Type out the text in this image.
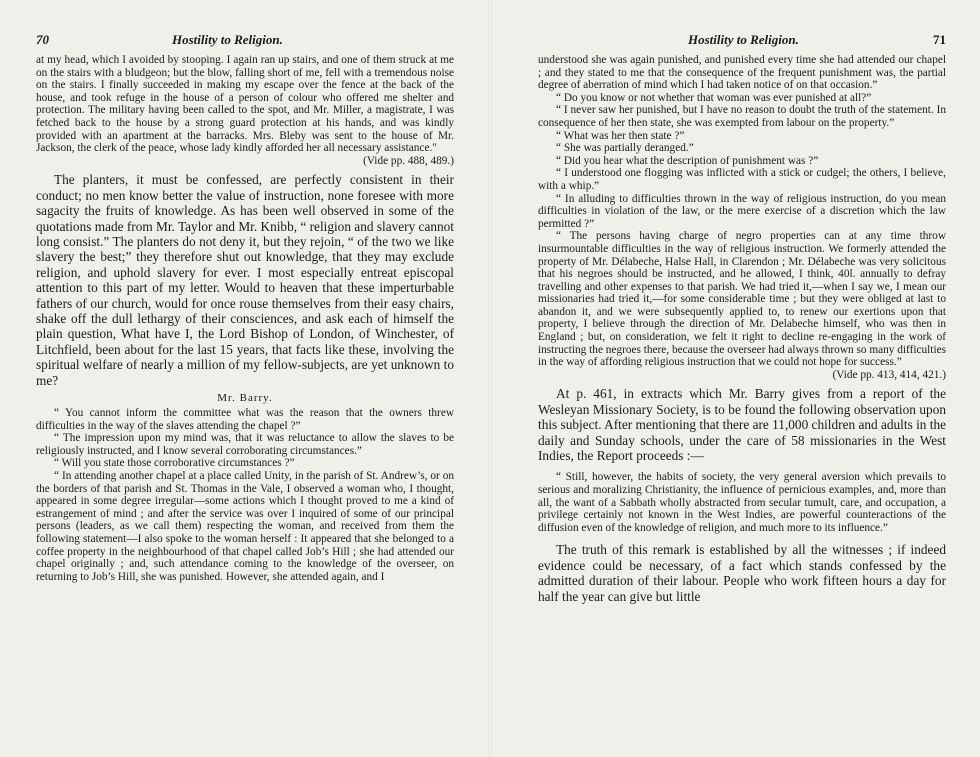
70	Hostility to Religion.

at my head, which I avoided by stooping. I again ran up stairs, and one of them struck at me on the stairs with a bludgeon; but the blow, falling short of me, fell with a tremendous noise on the stairs. I finally succeeded in making my escape over the fence at the back of the house, and took refuge in the house of a person of colour who offered me shelter and protection. The military having been called to the spot, and Mr. Miller, a magistrate, I was fetched back to the house by a strong guard protection at his hands, and was kindly provided with an apartment at the barracks. Mrs. Bleby was sent to the house of Mr. Jackson, the clerk of the peace, whose lady kindly afforded her all necessary assistance."

(Vide pp. 488, 489.)

The planters, it must be confessed, are perfectly consistent in their conduct; no men know better the value of instruction, none foresee with more sagacity the fruits of knowledge. As has been well observed in some of the quotations made from Mr. Taylor and Mr. Knibb, “ religion and slavery cannot long consist.” The planters do not deny it, but they rejoin, “ of the two we like slavery the best;” they therefore shut out knowledge, that they may exclude religion, and uphold slavery for ever. I most especially entreat episcopal attention to this part of my letter. Would to heaven that these imperturbable fathers of our church, would for once rouse themselves from their easy chairs, shake off the dull lethargy of their consciences, and ask each of himself the plain question, What have I, the Lord Bishop of London, of Winchester, of Litchfield, been about for the last 15 years, that facts like these, involving the spiritual welfare of nearly a million of my fellow-subjects, are yet unknown to me?

Mr. Barry.

“ You cannot inform the committee what was the reason that the owners threw difficulties in the way of the slaves attending the chapel ?”

“ The impression upon my mind was, that it was reluctance to allow the slaves to be religiously instructed, and I know several corroborating circumstances.”

“ Will you state those corroborative circumstances ?”

“ In attending another chapel at a place called Unity, in the parish of St. Andrew’s, or on the borders of that parish and St. Thomas in the Vale, I observed a woman who, I thought, appeared in some degree irregular—some actions which I thought proved to me a kind of estrangement of mind ; and after the service was over I inquired of some of our principal persons (leaders, as we call them) respecting the woman, and received from them the following statement—I also spoke to the woman herself : It appeared that she belonged to a coffee property in the neighbourhood of that chapel called Job’s Hill ; she had attended our chapel originally ; and, such attendance coming to the knowledge of the overseer, on returning to Job’s Hill, she was punished. However, she attended again, and I

Hostility to Religion.	71

understood she was again punished, and punished every time she had attended our chapel ; and they stated to me that the consequence of the frequent punishment was, the partial degree of aberration of mind which I had taken notice of on that occasion.”

“ Do you know or not whether that woman was ever punished at all?”

“ I never saw her punished, but I have no reason to doubt the truth of the statement. In consequence of her then state, she was exempted from labour on the property.”

“ What was her then state ?”

“ She was partially deranged.”

“ Did you hear what the description of punishment was ?”

“ I understood one flogging was inflicted with a stick or cudgel; the others, I believe, with a whip.”

“ In alluding to difficulties thrown in the way of religious instruction, do you mean difficulties in violation of the law, or the mere exercise of a discretion which the law permitted ?”

“ The persons having charge of negro properties can at any time throw insurmountable difficulties in the way of religious instruction. We formerly attended the property of Mr. Délabeche, Halse Hall, in Clarendon ; Mr. Délabeche was very solicitous that his negroes should be instructed, and he allowed, I think, 40l. annually to defray travelling and other expenses to that parish. We had tried it,—when I say we, I mean our missionaries had tried it,—for some considerable time ; but they were obliged at last to abandon it, and we were subsequently applied to, to renew our exertions upon that property, I believe through the direction of Mr. Delabeche himself, who was then in England ; but, on consideration, we felt it right to decline re-engaging in the work of instructing the negroes there, because the overseer had always thrown so many difficulties in the way of affording religious instruction that we could not hope for success.”

(Vide pp. 413, 414, 421.)

At p. 461, in extracts which Mr. Barry gives from a report of the Wesleyan Missionary Society, is to be found the following observation upon this subject. After mentioning that there are 11,000 children and adults in the daily and Sunday schools, under the care of 58 missionaries in the West Indies, the Report proceeds :—

“ Still, however, the habits of society, the very general aversion which prevails to serious and moralizing Christianity, the influence of pernicious examples, and, more than all, the want of a Sabbath wholly abstracted from secular tumult, care, and occupation, a privilege certainly not known in the West Indies, are powerful counteractions of the diffusion even of the knowledge of religion, and much more to its influence.”

The truth of this remark is established by all the witnesses ; if indeed evidence could be necessary, of a fact which stands confessed by the admitted duration of their labour. People who work fifteen hours a day for half the year can give but little
